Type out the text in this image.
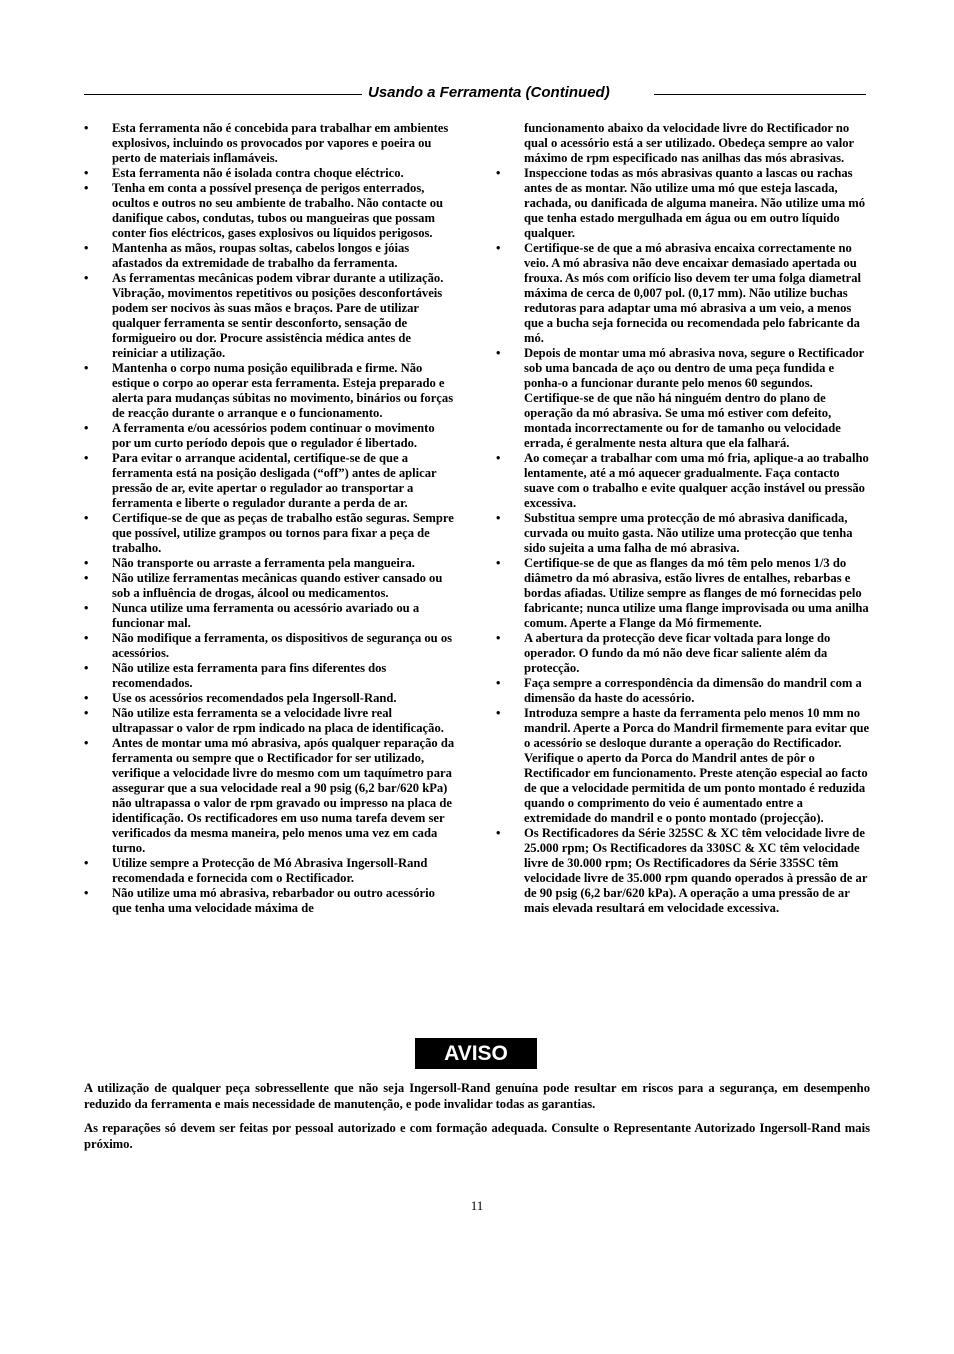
Usando a Ferramenta (Continued)
• Esta ferramenta não é concebida para trabalhar em ambientes explosivos, incluindo os provocados por vapores e poeira ou perto de materiais inflamáveis.
• Esta ferramenta não é isolada contra choque eléctrico.
• Tenha em conta a possível presença de perigos enterrados, ocultos e outros no seu ambiente de trabalho. Não contacte ou danifique cabos, condutas, tubos ou mangueiras que possam conter fios eléctricos, gases explosivos ou líquidos perigosos.
• Mantenha as mãos, roupas soltas, cabelos longos e jóias afastados da extremidade de trabalho da ferramenta.
• As ferramentas mecânicas podem vibrar durante a utilização. Vibração, movimentos repetitivos ou posições desconfortáveis podem ser nocivos às suas mãos e braços. Pare de utilizar qualquer ferramenta se sentir desconforto, sensação de formigueiro ou dor. Procure assistência médica antes de reiniciar a utilização.
• Mantenha o corpo numa posição equilibrada e firme. Não estique o corpo ao operar esta ferramenta. Esteja preparado e alerta para mudanças súbitas no movimento, binários ou forças de reacção durante o arranque e o funcionamento.
• A ferramenta e/ou acessórios podem continuar o movimento por um curto período depois que o regulador é libertado.
• Para evitar o arranque acidental, certifique-se de que a ferramenta está na posição desligada (“off”) antes de aplicar pressão de ar, evite apertar o regulador ao transportar a ferramenta e liberte o regulador durante a perda de ar.
• Certifique-se de que as peças de trabalho estão seguras. Sempre que possível, utilize grampos ou tornos para fixar a peça de trabalho.
• Não transporte ou arraste a ferramenta pela mangueira.
• Não utilize ferramentas mecânicas quando estiver cansado ou sob a influência de drogas, álcool ou medicamentos.
• Nunca utilize uma ferramenta ou acessório avariado ou a funcionar mal.
• Não modifique a ferramenta, os dispositivos de segurança ou os acessórios.
• Não utilize esta ferramenta para fins diferentes dos recomendados.
• Use os acessórios recomendados pela Ingersoll-Rand.
• Não utilize esta ferramenta se a velocidade livre real ultrapassar o valor de rpm indicado na placa de identificação.
• Antes de montar uma mó abrasiva, após qualquer reparação da ferramenta ou sempre que o Rectificador for ser utilizado, verifique a velocidade livre do mesmo com um taquímetro para assegurar que a sua velocidade real a 90 psig (6,2 bar/620 kPa) não ultrapassa o valor de rpm gravado ou impresso na placa de identificação. Os rectificadores em uso numa tarefa devem ser verificados da mesma maneira, pelo menos uma vez em cada turno.
• Utilize sempre a Protecção de Mó Abrasiva Ingersoll-Rand recomendada e fornecida com o Rectificador.
• Não utilize uma mó abrasiva, rebarbador ou outro acessório que tenha uma velocidade máxima de
funcionamento abaixo da velocidade livre do Rectificador no qual o acessório está a ser utilizado. Obedeça sempre ao valor máximo de rpm especificado nas anilhas das mós abrasivas.
• Inspeccione todas as mós abrasivas quanto a lascas ou rachas antes de as montar. Não utilize uma mó que esteja lascada, rachada, ou danificada de alguma maneira. Não utilize uma mó que tenha estado mergulhada em água ou em outro líquido qualquer.
• Certifique-se de que a mó abrasiva encaixa correctamente no veio. A mó abrasiva não deve encaixar demasiado apertada ou frouxa. As mós com orifício liso devem ter uma folga diametral máxima de cerca de 0,007 pol. (0,17 mm). Não utilize buchas redutoras para adaptar uma mó abrasiva a um veio, a menos que a bucha seja fornecida ou recomendada pelo fabricante da mó.
• Depois de montar uma mó abrasiva nova, segure o Rectificador sob uma bancada de aço ou dentro de uma peça fundida e ponha-o a funcionar durante pelo menos 60 segundos. Certifique-se de que não há ninguém dentro do plano de operação da mó abrasiva. Se uma mó estiver com defeito, montada incorrectamente ou for de tamanho ou velocidade errada, é geralmente nesta altura que ela falhará.
• Ao começar a trabalhar com uma mó fria, aplique-a ao trabalho lentamente, até a mó aquecer gradualmente. Faça contacto suave com o trabalho e evite qualquer acção instável ou pressão excessiva.
• Substitua sempre uma protecção de mó abrasiva danificada, curvada ou muito gasta. Não utilize uma protecção que tenha sido sujeita a uma falha de mó abrasiva.
• Certifique-se de que as flanges da mó têm pelo menos 1/3 do diâmetro da mó abrasiva, estão livres de entalhes, rebarbas e bordas afiadas. Utilize sempre as flanges de mó fornecidas pelo fabricante; nunca utilize uma flange improvisada ou uma anilha comum. Aperte a Flange da Mó firmemente.
• A abertura da protecção deve ficar voltada para longe do operador. O fundo da mó não deve ficar saliente além da protecção.
• Faça sempre a correspondência da dimensão do mandril com a dimensão da haste do acessório.
• Introduza sempre a haste da ferramenta pelo menos 10 mm no mandril. Aperte a Porca do Mandril firmemente para evitar que o acessório se desloque durante a operação do Rectificador. Verifique o aperto da Porca do Mandril antes de pôr o Rectificador em funcionamento. Preste atenção especial ao facto de que a velocidade permitida de um ponto montado é reduzida quando o comprimento do veio é aumentado entre a extremidade do mandril e o ponto montado (projecção).
• Os Rectificadores da Série 325SC & XC têm velocidade livre de 25.000 rpm; Os Rectificadores da 330SC & XC têm velocidade livre de 30.000 rpm; Os Rectificadores da Série 335SC têm velocidade livre de 35.000 rpm quando operados à pressão de ar de 90 psig (6,2 bar/620 kPa). A operação a uma pressão de ar mais elevada resultará em velocidade excessiva.
AVISO

A utilização de qualquer peça sobressellente que não seja Ingersoll-Rand genuína pode resultar em riscos para a segurança, em desempenho reduzido da ferramenta e mais necessidade de manutenção, e pode invalidar todas as garantias.

As reparações só devem ser feitas por pessoal autorizado e com formação adequada. Consulte o Representante Autorizado Ingersoll-Rand mais próximo.

11
